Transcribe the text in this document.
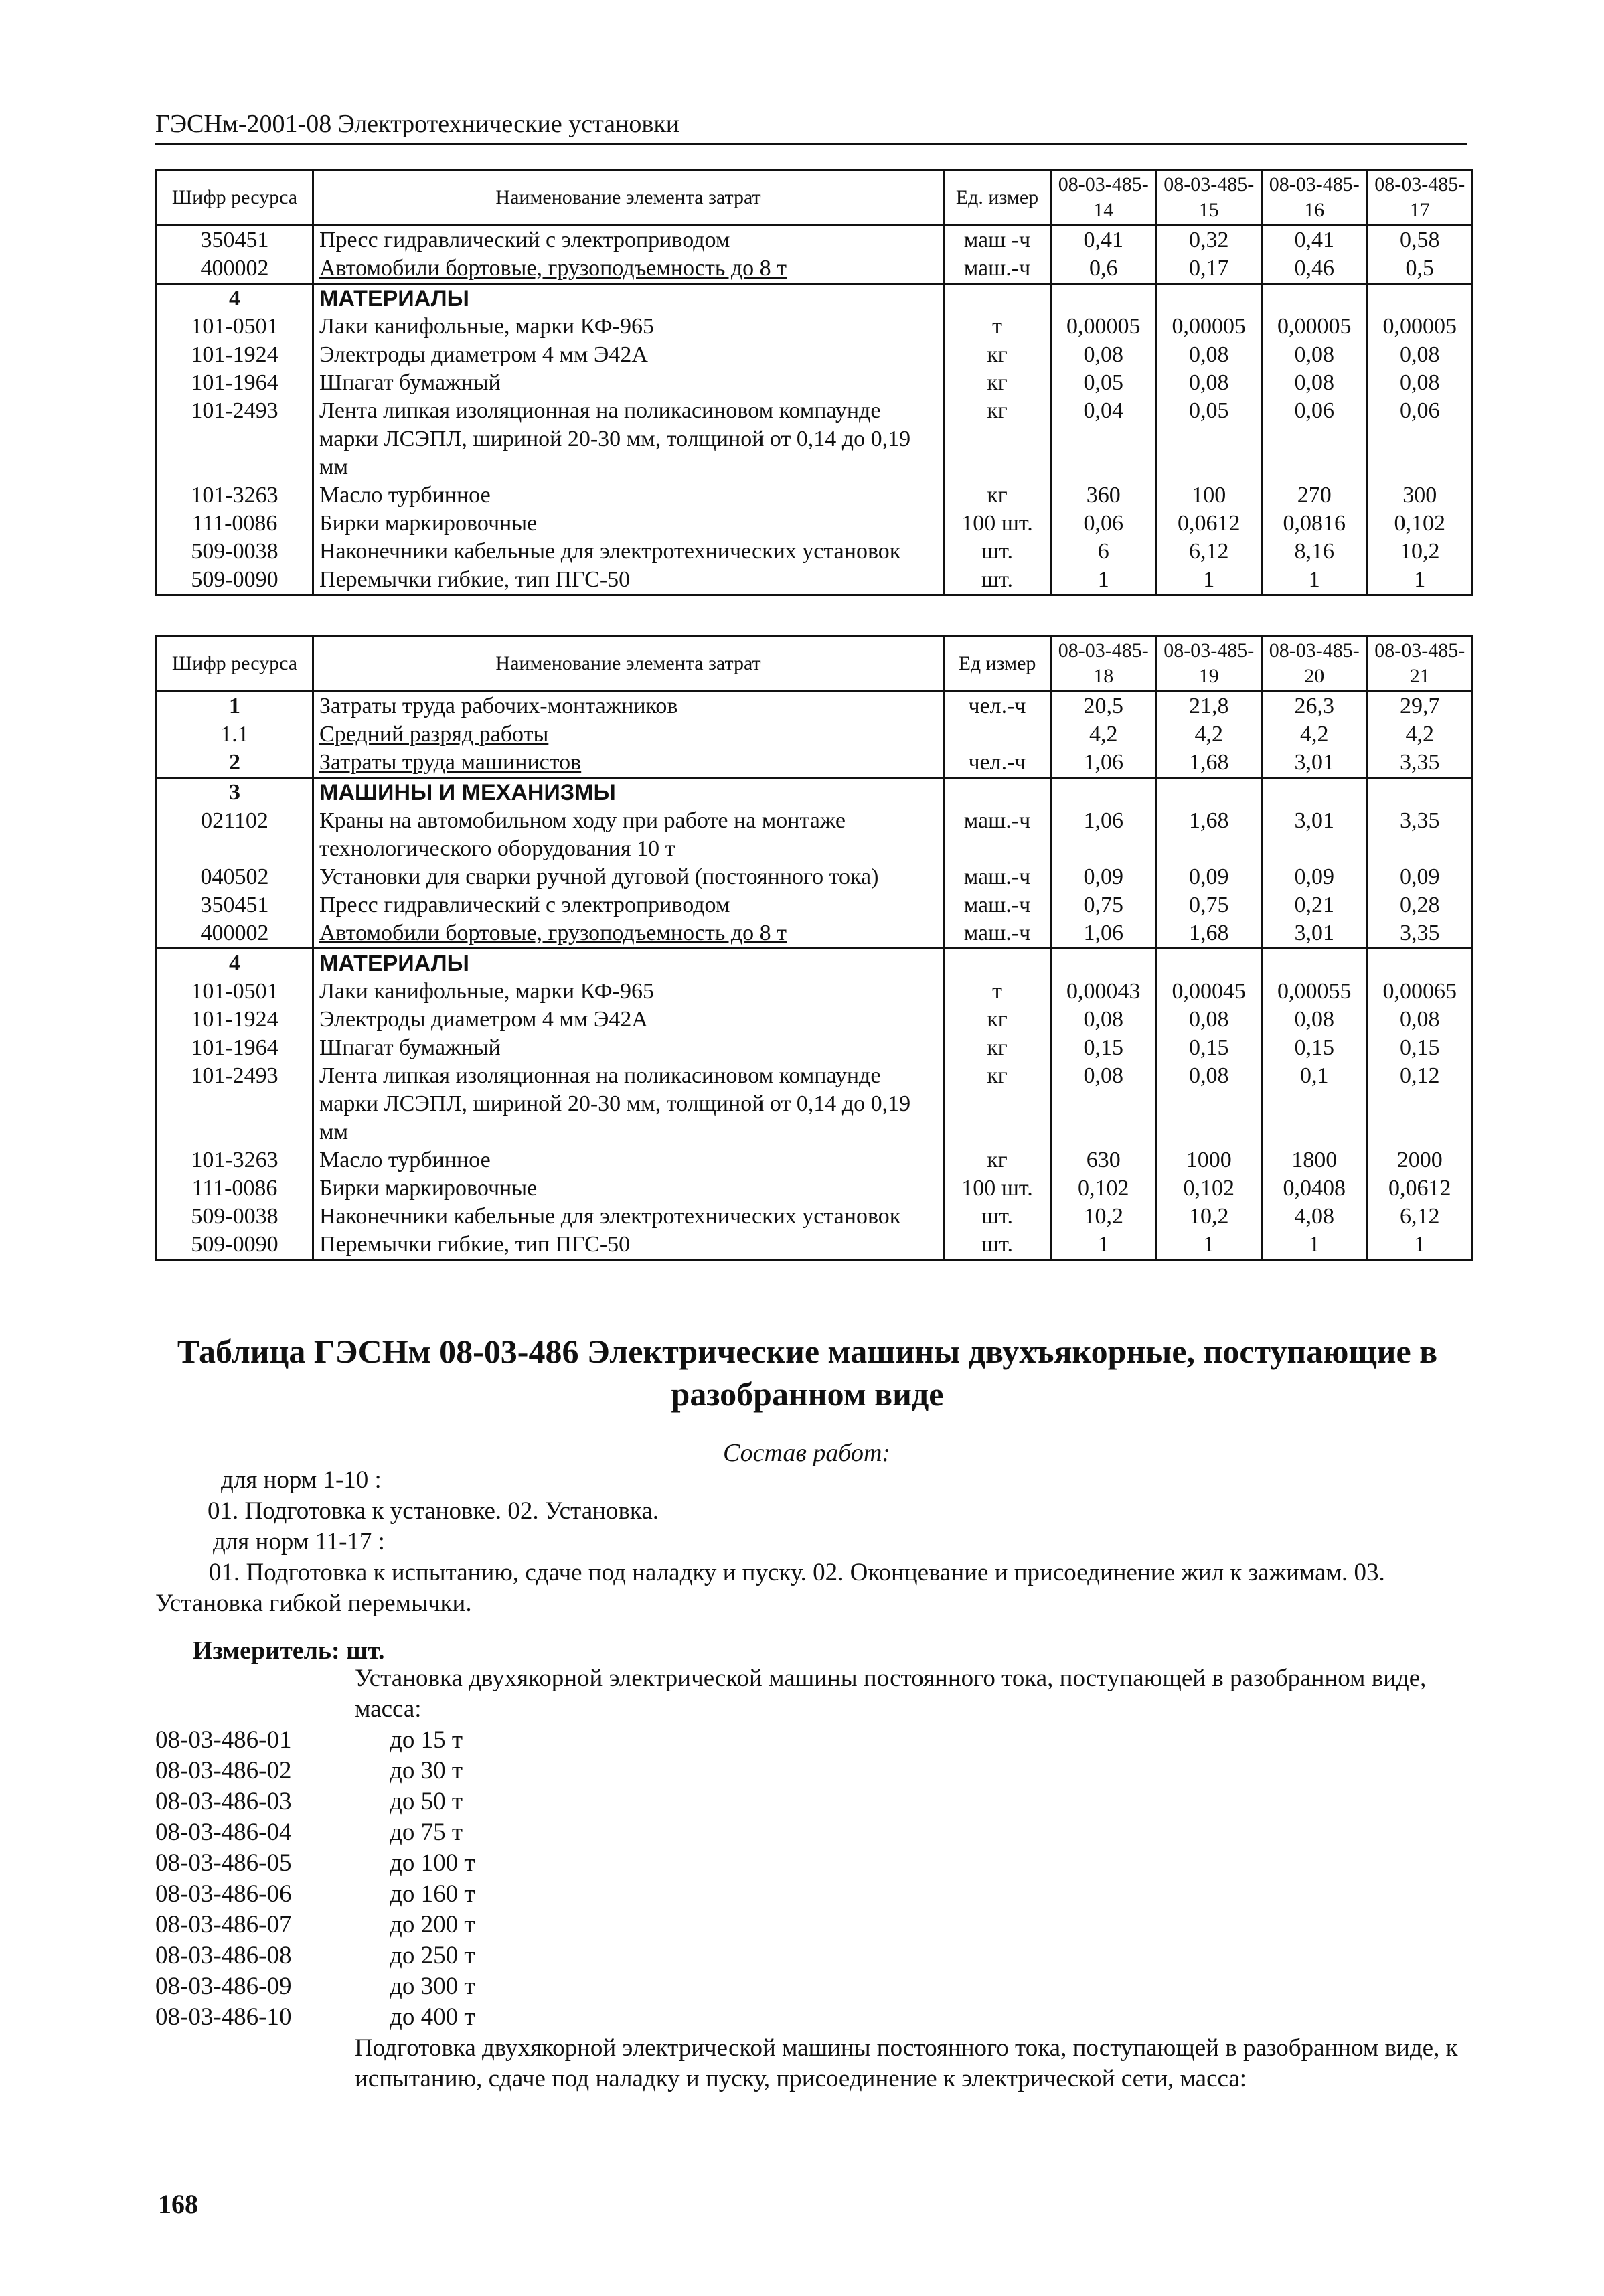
ГЭСНм-2001-08 Электротехнические установки
Шифр ресурса	Наименование элемента затрат	Ед. измер	08-03-485-14	08-03-485-15	08-03-485-16	08-03-485-17
350451	Пресс гидравлический с электроприводом	маш -ч	0,41	0,32	0,41	0,58
400002	Автомобили бортовые, грузоподъемность до 8 т	маш.-ч	0,6	0,17	0,46	0,5
4	МАТЕРИАЛЫ					
101-0501	Лаки канифольные, марки КФ-965	т	0,00005	0,00005	0,00005	0,00005
101-1924	Электроды диаметром 4 мм Э42А	кг	0,08	0,08	0,08	0,08
101-1964	Шпагат бумажный	кг	0,05	0,08	0,08	0,08
101-2493	Лента липкая изоляционная на поликасиновом компаунде марки ЛСЭПЛ, шириной 20-30 мм, толщиной от 0,14 до 0,19 мм	кг	0,04	0,05	0,06	0,06
101-3263	Масло турбинное	кг	360	100	270	300
111-0086	Бирки маркировочные	100 шт.	0,06	0,0612	0,0816	0,102
509-0038	Наконечники кабельные для электротехнических установок	шт.	6	6,12	8,16	10,2
509-0090	Перемычки гибкие, тип ПГС-50	шт.	1	1	1	1
Шифр ресурса	Наименование элемента затрат	Ед измер	08-03-485-18	08-03-485-19	08-03-485-20	08-03-485-21
1	Затраты труда рабочих-монтажников	чел.-ч	20,5	21,8	26,3	29,7
1.1	Средний разряд работы		4,2	4,2	4,2	4,2
2	Затраты труда машинистов	чел.-ч	1,06	1,68	3,01	3,35
3	МАШИНЫ И МЕХАНИЗМЫ					
021102	Краны на автомобильном ходу при работе на монтаже технологического оборудования 10 т	маш.-ч	1,06	1,68	3,01	3,35
040502	Установки для сварки ручной дуговой (постоянного тока)	маш.-ч	0,09	0,09	0,09	0,09
350451	Пресс гидравлический с электроприводом	маш.-ч	0,75	0,75	0,21	0,28
400002	Автомобили бортовые, грузоподъемность до 8 т	маш.-ч	1,06	1,68	3,01	3,35
4	МАТЕРИАЛЫ					
101-0501	Лаки канифольные, марки КФ-965	т	0,00043	0,00045	0,00055	0,00065
101-1924	Электроды диаметром 4 мм Э42А	кг	0,08	0,08	0,08	0,08
101-1964	Шпагат бумажный	кг	0,15	0,15	0,15	0,15
101-2493	Лента липкая изоляционная на поликасиновом компаунде марки ЛСЭПЛ, шириной 20-30 мм, толщиной от 0,14 до 0,19 мм	кг	0,08	0,08	0,1	0,12
101-3263	Масло турбинное	кг	630	1000	1800	2000
111-0086	Бирки маркировочные	100 шт.	0,102	0,102	0,0408	0,0612
509-0038	Наконечники кабельные для электротехнических установок	шт.	10,2	10,2	4,08	6,12
509-0090	Перемычки гибкие, тип ПГС-50	шт.	1	1	1	1
Таблица ГЭСНм 08-03-486 Электрические машины двухъякорные, поступающие в разобранном виде
Состав работ:
для норм 1-10 :
01. Подготовка к установке. 02. Установка.
для норм 11-17 :
01. Подготовка к испытанию, сдаче под наладку и пуску. 02. Оконцевание и присоединение жил к зажимам. 03. Установка гибкой перемычки.
Измеритель: шт.
Установка двухякорной электрической машины постоянного тока, поступающей в разобранном виде, масса:
08-03-486-01	до 15 т
08-03-486-02	до 30 т
08-03-486-03	до 50 т
08-03-486-04	до 75 т
08-03-486-05	до 100 т
08-03-486-06	до 160 т
08-03-486-07	до 200 т
08-03-486-08	до 250 т
08-03-486-09	до 300 т
08-03-486-10	до 400 т
Подготовка двухякорной электрической машины постоянного тока, поступающей в разобранном виде, к испытанию, сдаче под наладку и пуску, присоединение к электрической сети, масса:
168
